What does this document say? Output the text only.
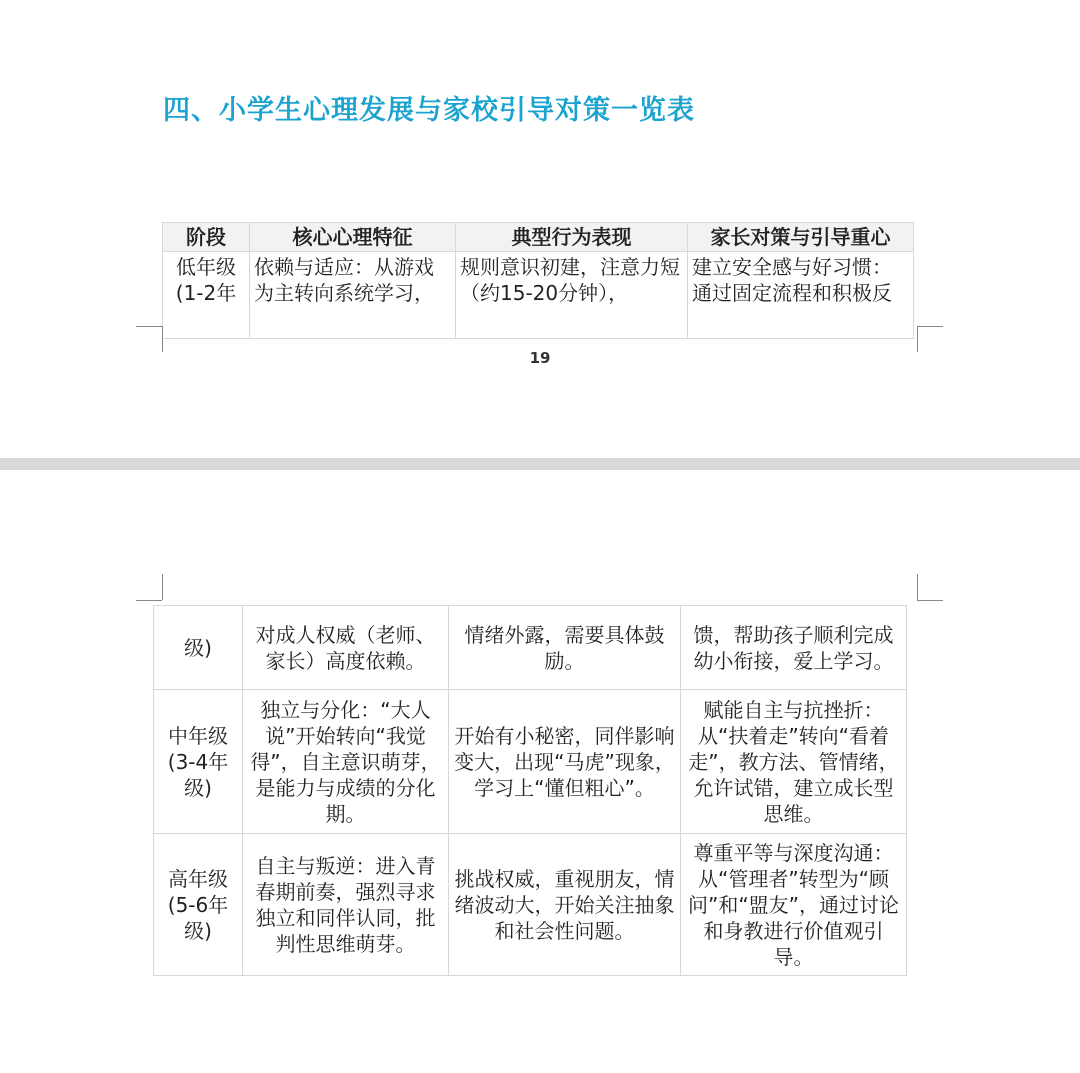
四、小学生心理发展与家校引导对策一览表
阶段	核心心理特征	典型行为表现	家长对策与引导重心

低年级 (1-2年	依赖与适应：从游戏为主转向系统学习，	规则意识初建，注意力短（约15-20分钟），	建立安全感与好习惯：通过固定流程和积极反
19
级)	对成人权威（老师、家长）高度依赖。	情绪外露，需要具体鼓励。	馈，帮助孩子顺利完成幼小衔接，爱上学习。
中年级 (3-4年级)	独立与分化：“大人说”开始转向“我觉得”，自主意识萌芽，是能力与成绩的分化期。	开始有小秘密，同伴影响变大，出现“马虎”现象，学习上“懂但粗心”。	赋能自主与抗挫折：从“扶着走”转向“看着走”，教方法、管情绪，允许试错，建立成长型思维。
高年级 (5-6年级)	自主与叛逆：进入青春期前奏，强烈寻求独立和同伴认同，批判性思维萌芽。	挑战权威，重视朋友，情绪波动大，开始关注抽象和社会性问题。	尊重平等与深度沟通：从“管理者”转型为“顾问”和“盟友”，通过讨论和身教进行价值观引导。
